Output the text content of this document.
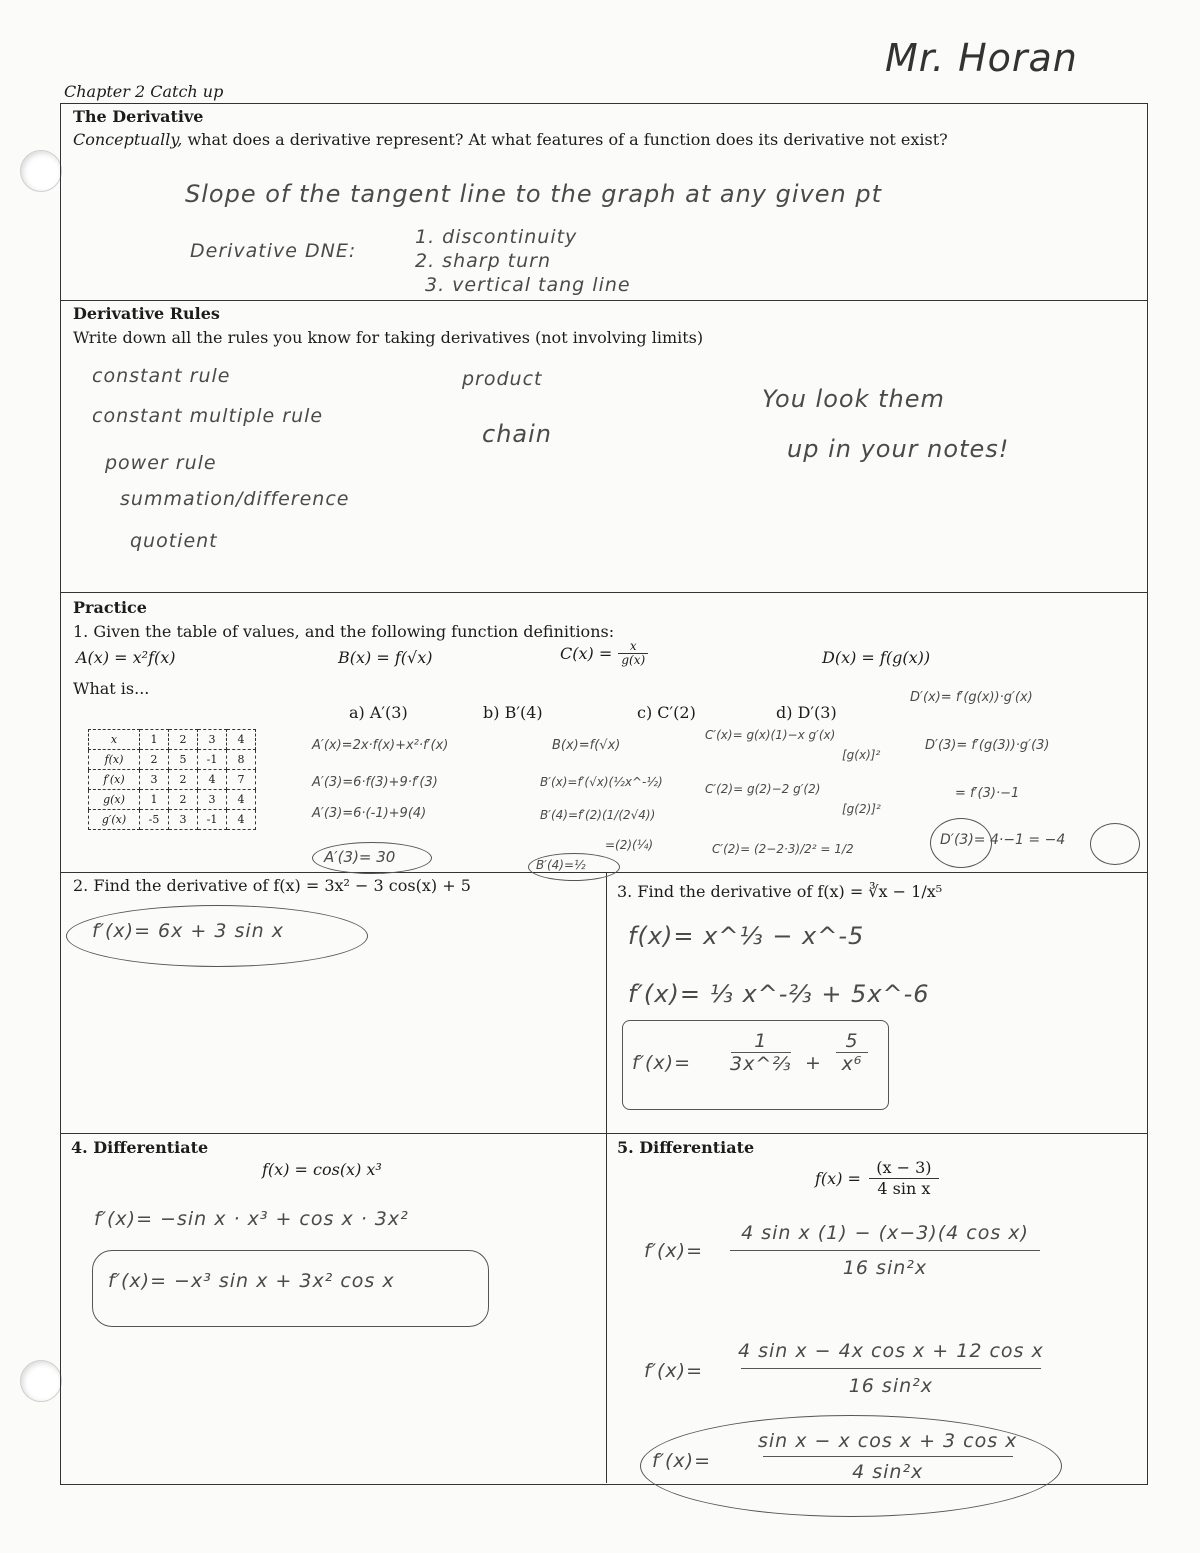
Mr. Horan
Chapter 2 Catch up
The Derivative
Conceptually, what does a derivative represent? At what features of a function does its derivative not exist?
Slope of the tangent line to the graph at any given pt
Derivative DNE:
1. discontinuity
2. sharp turn
3. vertical tang line
Derivative Rules
Write down all the rules you know for taking derivatives (not involving limits)
constant rule
constant multiple rule
power rule
summation/difference
quotient
product
chain
You look them
up in your notes!
Practice
1. Given the table of values, and the following function definitions:
A(x) = x²f(x)	B(x) = f(√x)	C(x) = x
g(x)	D(x) = f(g(x))
What is...
a) A′(3)	b) B′(4)	c) C′(2)	d) D′(3)
x	1	2	3	4
f(x)	2	5	-1	8
f′(x)	3	2	4	7
g(x)	1	2	3	4
g′(x)	-5	3	-1	4
A′(x)=2x·f(x)+x²·f′(x)
A′(3)=6·f(3)+9·f′(3)
A′(3)=6·(-1)+9(4)
A′(3)= 30
B(x)=f(√x)
B′(x)=f′(√x)(½x^-½)
B′(4)=f′(2)(1/(2√4))
=(2)(¼)
B′(4)=½
C′(x)= g(x)(1)−x g′(x)
[g(x)]²
C′(2)= g(2)−2 g′(2)
[g(2)]²
C′(2)= (2−2·3)/2² = 1/2
D′(x)= f′(g(x))·g′(x)
D′(3)= f′(g(3))·g′(3)
= f′(3)·−1
D′(3)= 4·−1 = −4
2. Find the derivative of f(x) = 3x² − 3 cos(x) + 5
f′(x)= 6x + 3 sin x
3. Find the derivative of f(x) = ∛x − 1/x⁵
f(x)= x^⅓ − x^-5
f′(x)= ⅓ x^-⅔ + 5x^-6
f′(x)=
1
3x^⅔ +
5
x⁶
4. Differentiate
f(x) = cos(x) x³
f′(x)= −sin x · x³ + cos x · 3x²
f′(x)= −x³ sin x + 3x² cos x
5. Differentiate
f(x) =
(x − 3)
4 sin x
f′(x)=
4 sin x (1) − (x−3)(4 cos x)
16 sin²x
f′(x)=
4 sin x − 4x cos x + 12 cos x
16 sin²x
f′(x)=
sin x − x cos x + 3 cos x
4 sin²x
